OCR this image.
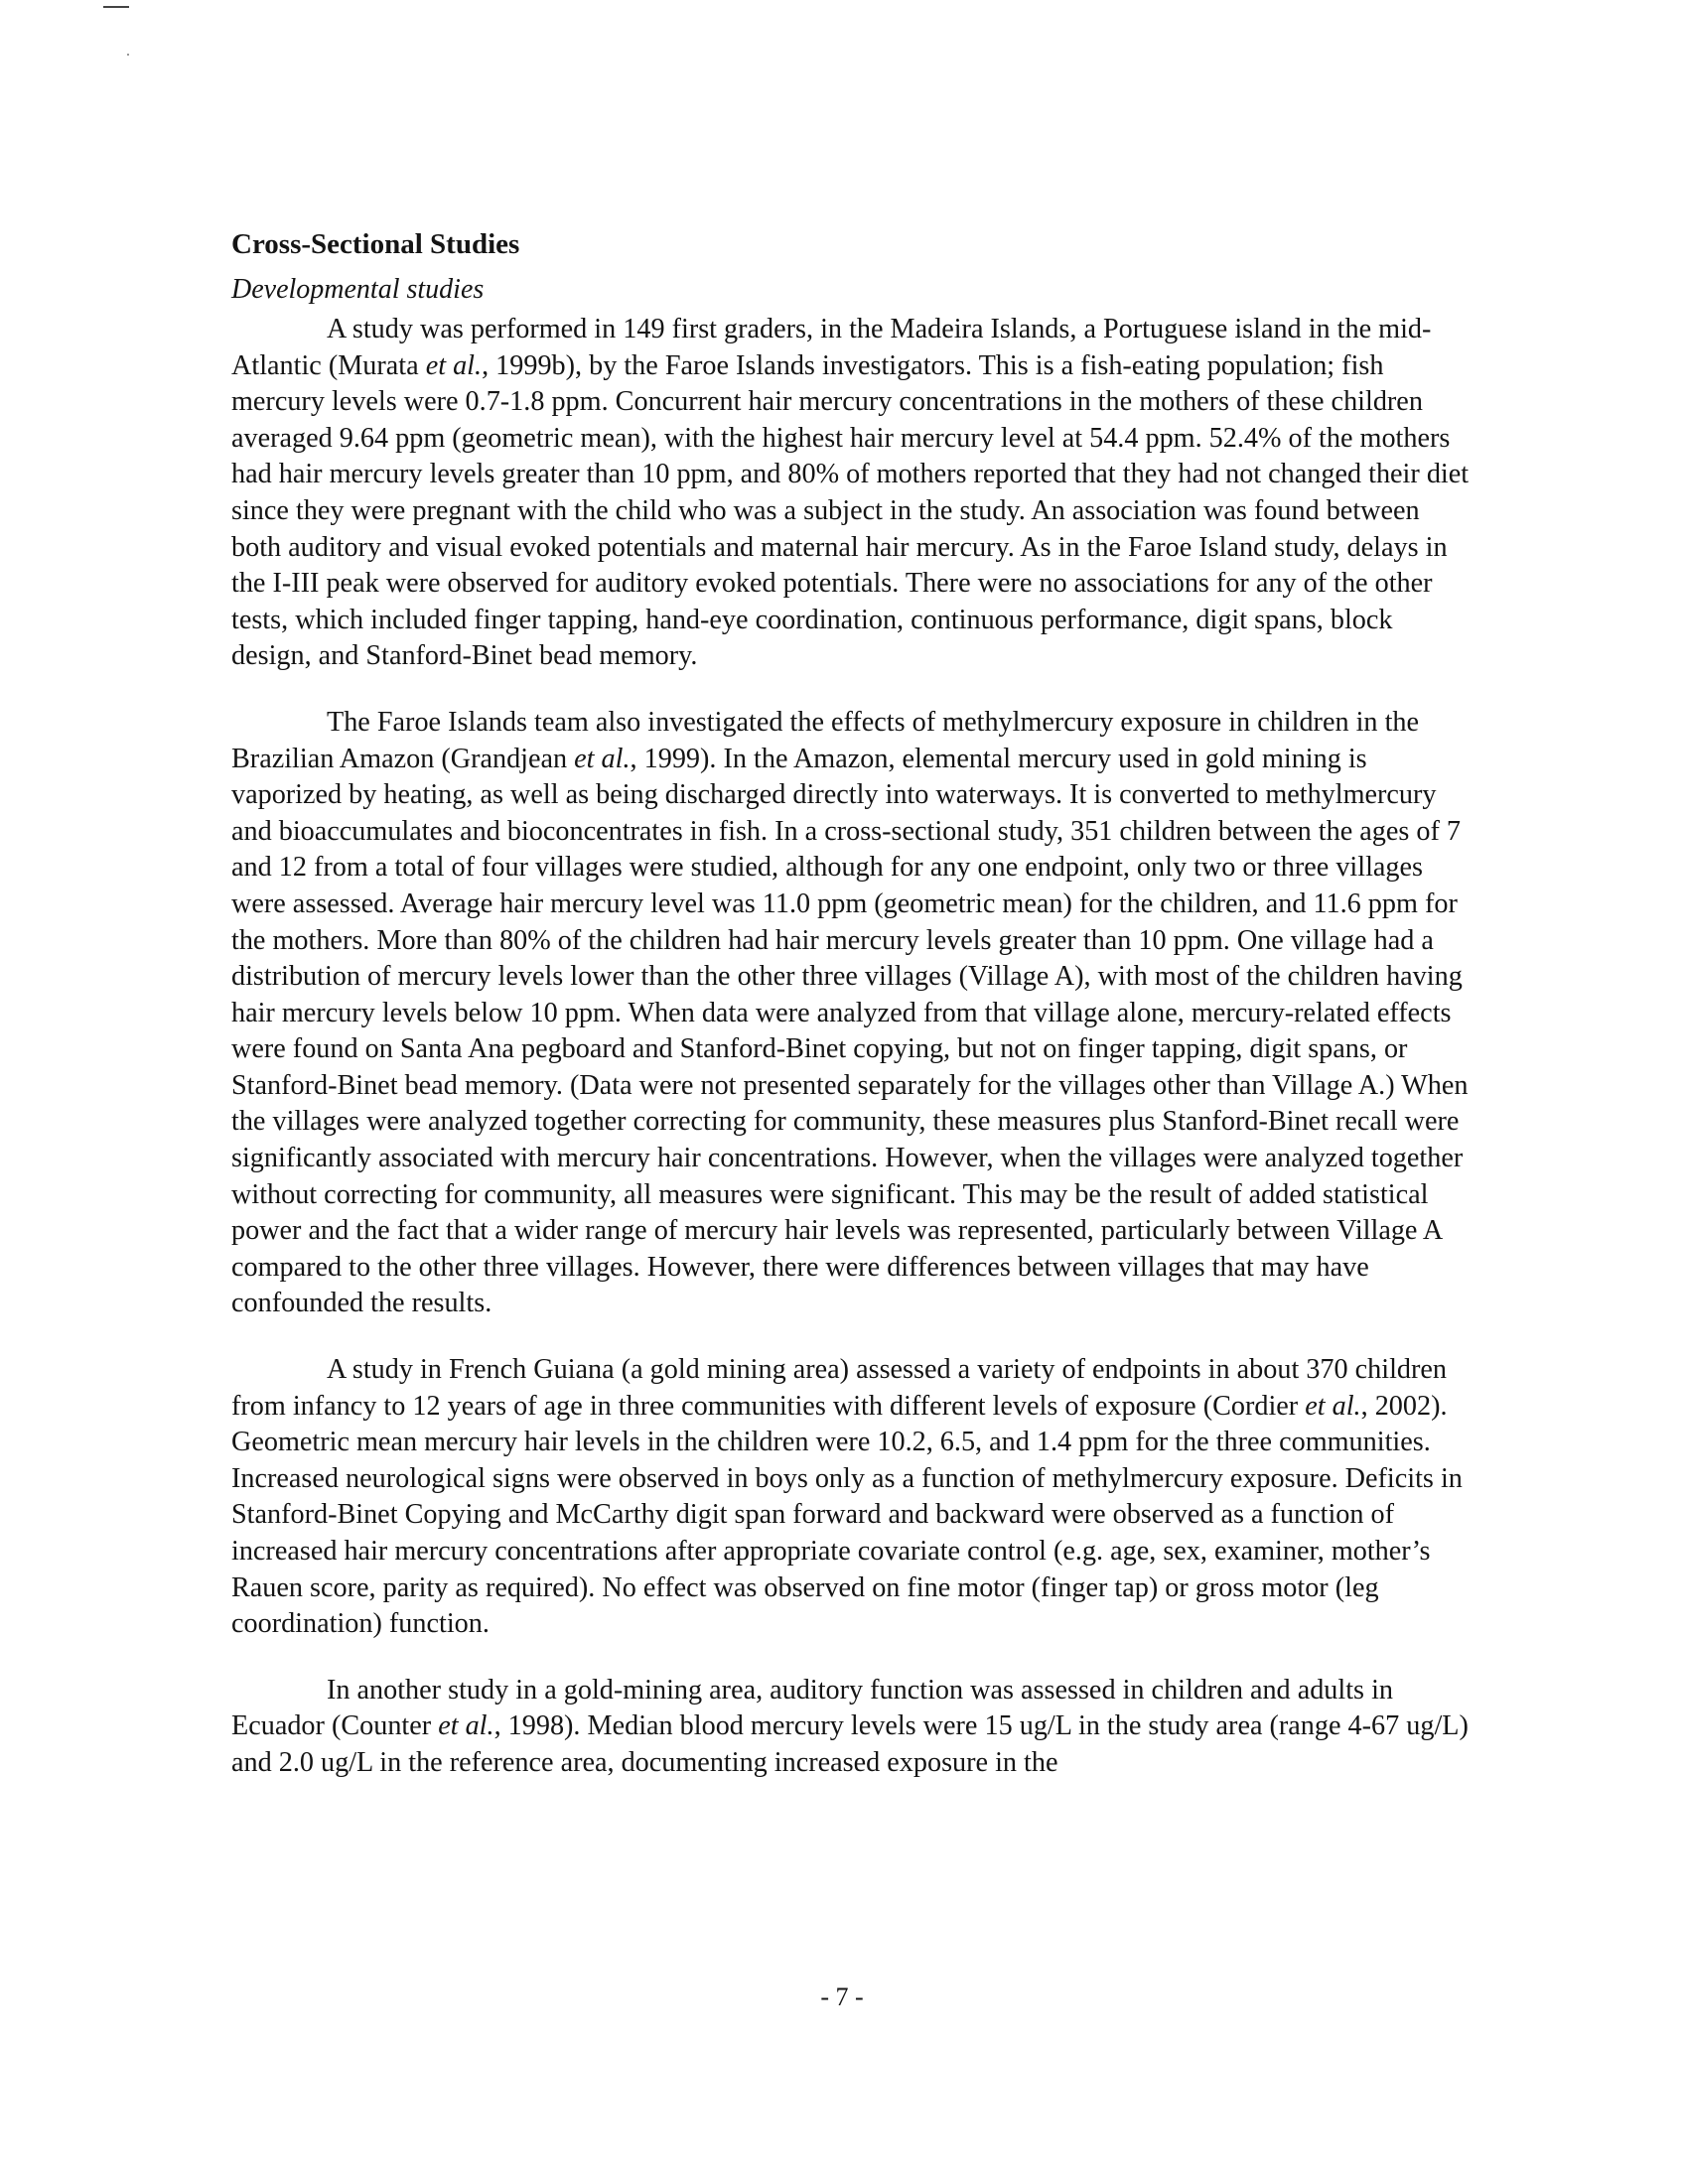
Cross-Sectional Studies
Developmental studies

A study was performed in 149 first graders, in the Madeira Islands, a Portuguese island in the mid-Atlantic (Murata et al., 1999b), by the Faroe Islands investigators. This is a fish-eating population; fish mercury levels were 0.7-1.8 ppm. Concurrent hair mercury concentrations in the mothers of these children averaged 9.64 ppm (geometric mean), with the highest hair mercury level at 54.4 ppm. 52.4% of the mothers had hair mercury levels greater than 10 ppm, and 80% of mothers reported that they had not changed their diet since they were pregnant with the child who was a subject in the study. An association was found between both auditory and visual evoked potentials and maternal hair mercury. As in the Faroe Island study, delays in the I-III peak were observed for auditory evoked potentials. There were no associations for any of the other tests, which included finger tapping, hand-eye coordination, continuous performance, digit spans, block design, and Stanford-Binet bead memory.

The Faroe Islands team also investigated the effects of methylmercury exposure in children in the Brazilian Amazon (Grandjean et al., 1999). In the Amazon, elemental mercury used in gold mining is vaporized by heating, as well as being discharged directly into waterways. It is converted to methylmercury and bioaccumulates and bioconcentrates in fish. In a cross-sectional study, 351 children between the ages of 7 and 12 from a total of four villages were studied, although for any one endpoint, only two or three villages were assessed. Average hair mercury level was 11.0 ppm (geometric mean) for the children, and 11.6 ppm for the mothers. More than 80% of the children had hair mercury levels greater than 10 ppm. One village had a distribution of mercury levels lower than the other three villages (Village A), with most of the children having hair mercury levels below 10 ppm. When data were analyzed from that village alone, mercury-related effects were found on Santa Ana pegboard and Stanford-Binet copying, but not on finger tapping, digit spans, or Stanford-Binet bead memory. (Data were not presented separately for the villages other than Village A.) When the villages were analyzed together correcting for community, these measures plus Stanford-Binet recall were significantly associated with mercury hair concentrations. However, when the villages were analyzed together without correcting for community, all measures were significant. This may be the result of added statistical power and the fact that a wider range of mercury hair levels was represented, particularly between Village A compared to the other three villages. However, there were differences between villages that may have confounded the results.

A study in French Guiana (a gold mining area) assessed a variety of endpoints in about 370 children from infancy to 12 years of age in three communities with different levels of exposure (Cordier et al., 2002). Geometric mean mercury hair levels in the children were 10.2, 6.5, and 1.4 ppm for the three communities. Increased neurological signs were observed in boys only as a function of methylmercury exposure. Deficits in Stanford-Binet Copying and McCarthy digit span forward and backward were observed as a function of increased hair mercury concentrations after appropriate covariate control (e.g. age, sex, examiner, mother’s Rauen score, parity as required). No effect was observed on fine motor (finger tap) or gross motor (leg coordination) function.

In another study in a gold-mining area, auditory function was assessed in children and adults in Ecuador (Counter et al., 1998). Median blood mercury levels were 15 ug/L in the study area (range 4-67 ug/L) and 2.0 ug/L in the reference area, documenting increased exposure in the

- 7 -
